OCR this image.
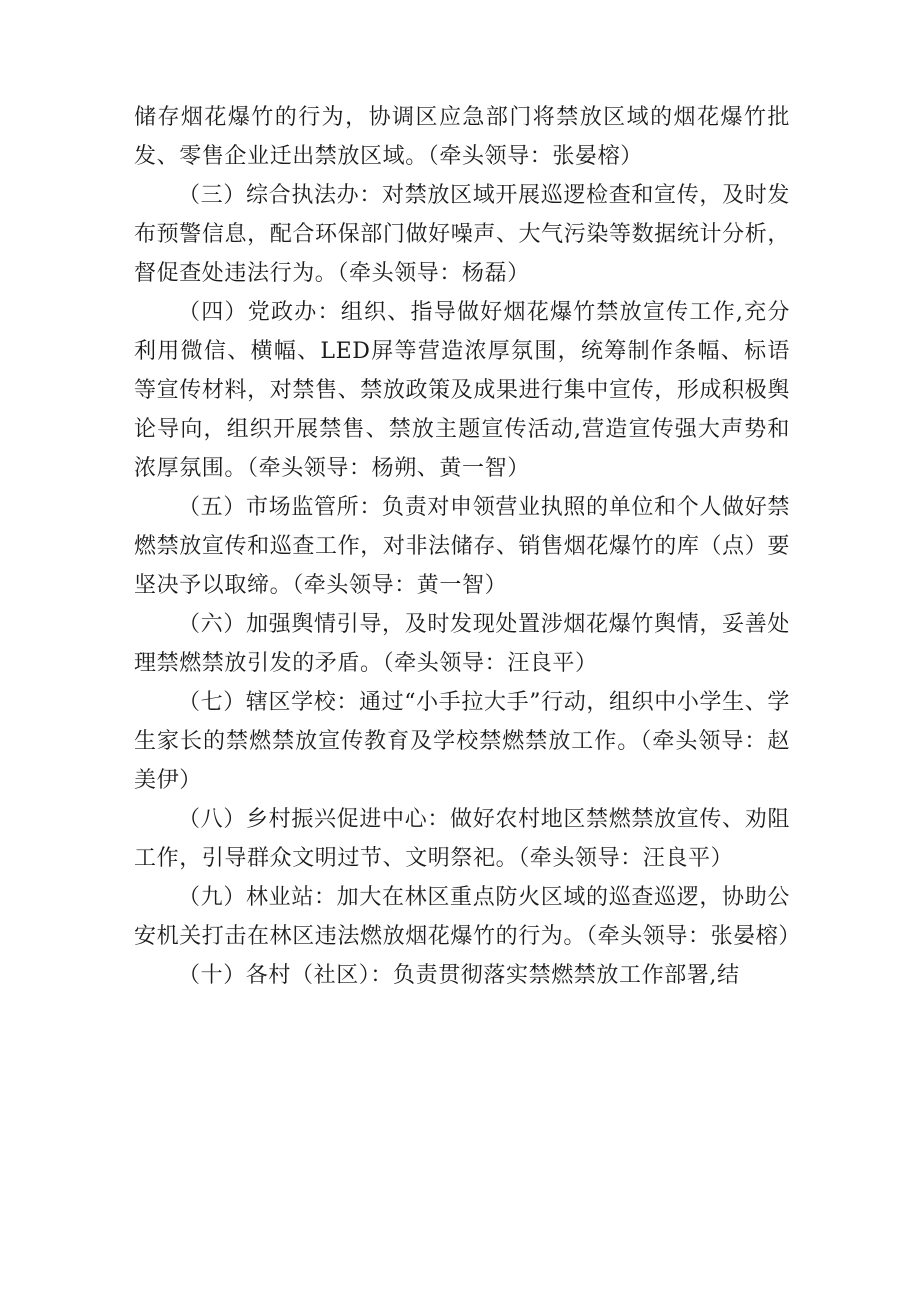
储存烟花爆竹的行为，协调区应急部门将禁放区域的烟花爆竹批发、零售企业迁出禁放区域。（牵头领导：张晏榕）

（三）综合执法办：对禁放区域开展巡逻检查和宣传，及时发布预警信息，配合环保部门做好噪声、大气污染等数据统计分析，督促查处违法行为。（牵头领导：杨磊）

（四）党政办：组织、指导做好烟花爆竹禁放宣传工作,充分利用微信、横幅、LED屏等营造浓厚氛围，统筹制作条幅、标语等宣传材料，对禁售、禁放政策及成果进行集中宣传，形成积极舆论导向，组织开展禁售、禁放主题宣传活动,营造宣传强大声势和浓厚氛围。（牵头领导：杨朔、黄一智）

（五）市场监管所：负责对申领营业执照的单位和个人做好禁燃禁放宣传和巡查工作，对非法储存、销售烟花爆竹的库（点）要坚决予以取缔。（牵头领导：黄一智）

（六）加强舆情引导，及时发现处置涉烟花爆竹舆情，妥善处理禁燃禁放引发的矛盾。（牵头领导：汪良平）

（七）辖区学校：通过“小手拉大手”行动，组织中小学生、学生家长的禁燃禁放宣传教育及学校禁燃禁放工作。（牵头领导：赵美伊）

（八）乡村振兴促进中心：做好农村地区禁燃禁放宣传、劝阻工作，引导群众文明过节、文明祭祀。（牵头领导：汪良平）

（九）林业站：加大在林区重点防火区域的巡查巡逻，协助公安机关打击在林区违法燃放烟花爆竹的行为。（牵头领导：张晏榕）

（十）各村（社区）：负责贯彻落实禁燃禁放工作部署,结
